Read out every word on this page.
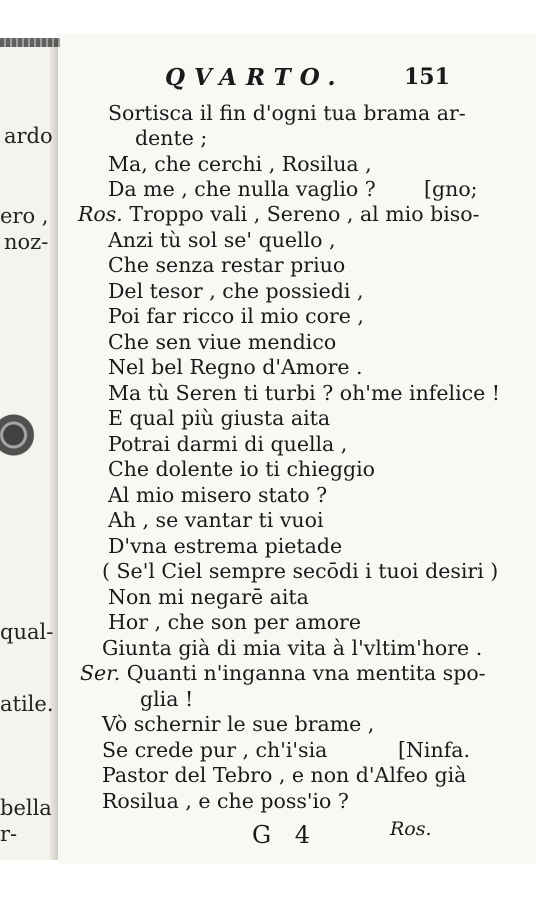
ardo
ero ,
noz-
qual-
atile.
bella
r-
QVARTO.	151
Sortisca il fin d'ogni tua brama ar-
dente ;
Ma, che cerchi , Rosilua ,
Da me , che nulla vaglio ?
Ros. Troppo vali , Sereno , al mio biso-
Anzi tù sol se' quello ,
Che senza restar priuo
Del tesor , che possiedi ,
Poi far ricco il mio core ,
Che sen viue mendico
Nel bel Regno d'Amore .
Ma tù Seren ti turbi ? oh'me infelice !
E qual più giusta aita
Potrai darmi di quella ,
Che dolente io ti chieggio
Al mio misero stato ?
Ah , se vantar ti vuoi
D'vna estrema pietade
( Se'l Ciel sempre secōdi i tuoi desiri )
Non mi negarē aita
Hor , che son per amore
Giunta già di mia vita à l'vltim'hore .
Ser. Quanti n'inganna vna mentita spo-
glia !
Vò schernir le sue brame ,
Se crede pur , ch'i'sia
Pastor del Tebro , e non d'Alfeo già
Rosilua , e che poss'io ?
[gno;
[Ninfa.
G 4	Ros.
